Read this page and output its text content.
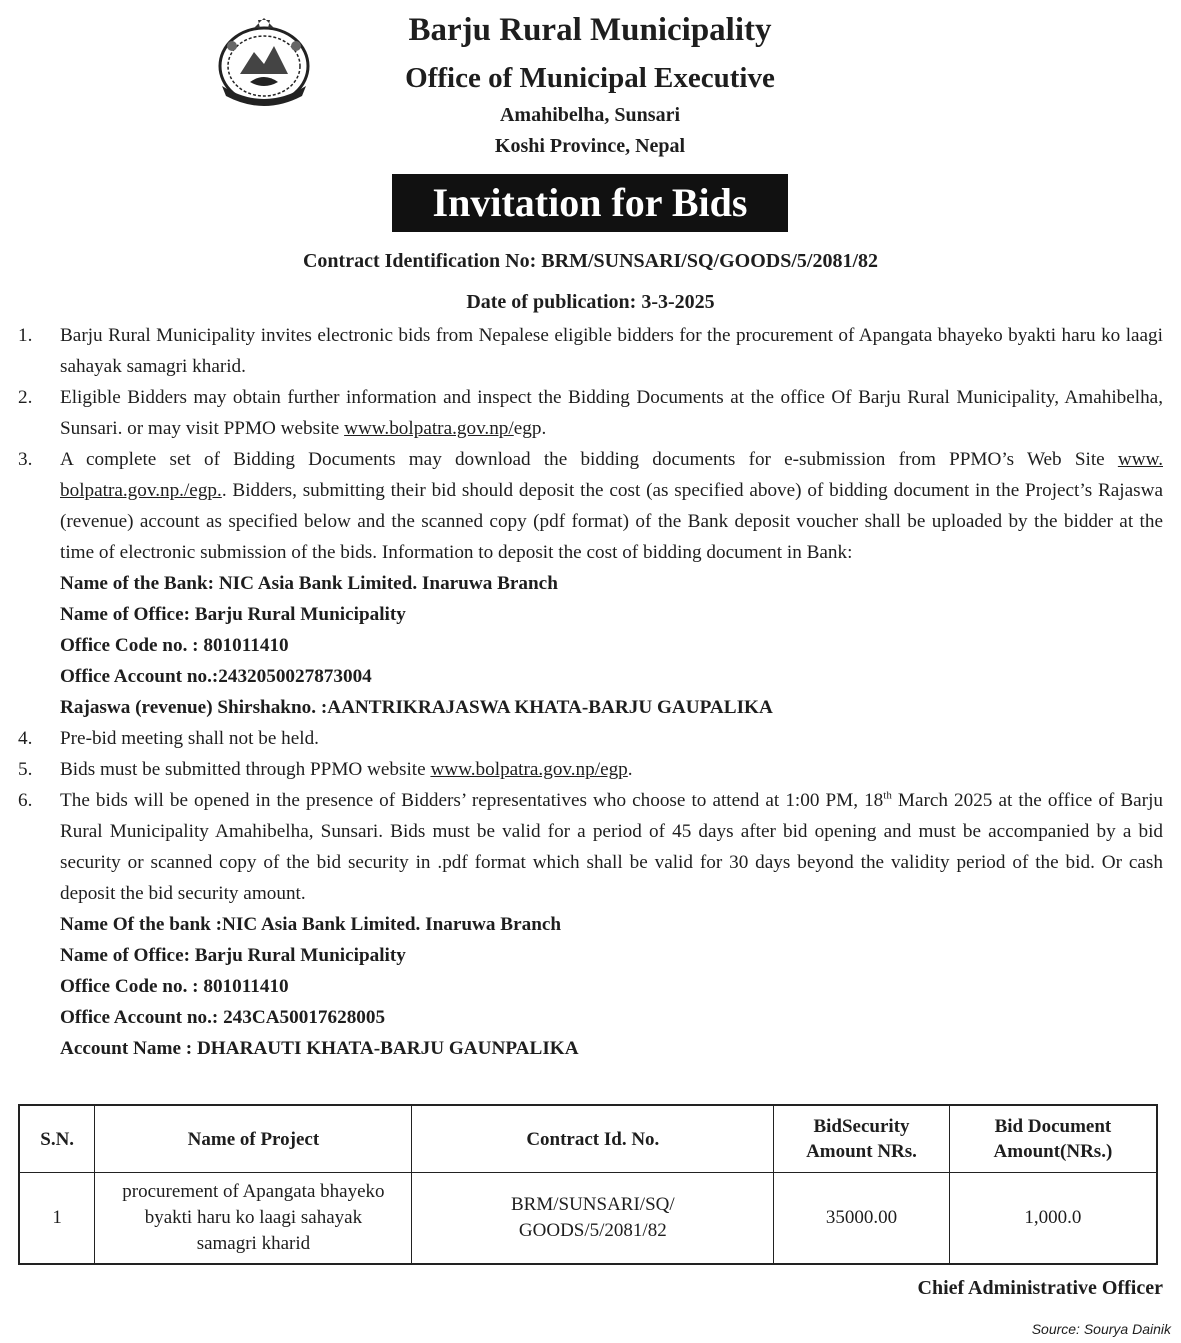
Barju Rural Municipality
Office of Municipal Executive
Amahibelha, Sunsari
Koshi Province, Nepal
Invitation for Bids
Contract Identification No: BRM/SUNSARI/SQ/GOODS/5/2081/82
Date of publication: 3-3-2025
1. Barju Rural Municipality invites electronic bids from Nepalese eligible bidders for the procurement of Apangata bhayeko byakti haru ko laagi sahayak samagri kharid.
2. Eligible Bidders may obtain further information and inspect the Bidding Documents at the office Of Barju Rural Municipality, Amahibelha, Sunsari. or may visit PPMO website www.bolpatra.gov.np/egp.
3. A complete set of Bidding Documents may download the bidding documents for e-submission from PPMO’s Web Site www. bolpatra.gov.np./egp.. Bidders, submitting their bid should deposit the cost (as specified above) of bidding document in the Project’s Rajaswa (revenue) account as specified below and the scanned copy (pdf format) of the Bank deposit voucher shall be uploaded by the bidder at the time of electronic submission of the bids. Information to deposit the cost of bidding document in Bank:
Name of the Bank: NIC Asia Bank Limited. Inaruwa Branch
Name of Office: Barju Rural Municipality
Office Code no. : 801011410
Office Account no.:2432050027873004
Rajaswa (revenue) Shirshakno. :AANTRIKRAJASWA KHATA-BARJU GAUPALIKA
4. Pre-bid meeting shall not be held.
5. Bids must be submitted through PPMO website www.bolpatra.gov.np/egp.
6. The bids will be opened in the presence of Bidders’ representatives who choose to attend at 1:00 PM, 18th March 2025 at the office of Barju Rural Municipality Amahibelha, Sunsari. Bids must be valid for a period of 45 days after bid opening and must be accompanied by a bid security or scanned copy of the bid security in .pdf format which shall be valid for 30 days beyond the validity period of the bid. Or cash deposit the bid security amount.
Name Of the bank :NIC Asia Bank Limited. Inaruwa Branch
Name of Office: Barju Rural Municipality
Office Code no. : 801011410
Office Account no.: 243CA50017628005
Account Name : DHARAUTI KHATA-BARJU GAUNPALIKA
S.N.	Name of Project	Contract Id. No.	BidSecurity Amount NRs.	Bid Document Amount(NRs.)
1	procurement of Apangata bhayeko byakti haru ko laagi sahayak samagri kharid	BRM/SUNSARI/SQ/ GOODS/5/2081/82	35000.00	1,000.0
Chief Administrative Officer
Source: Sourya Dainik
